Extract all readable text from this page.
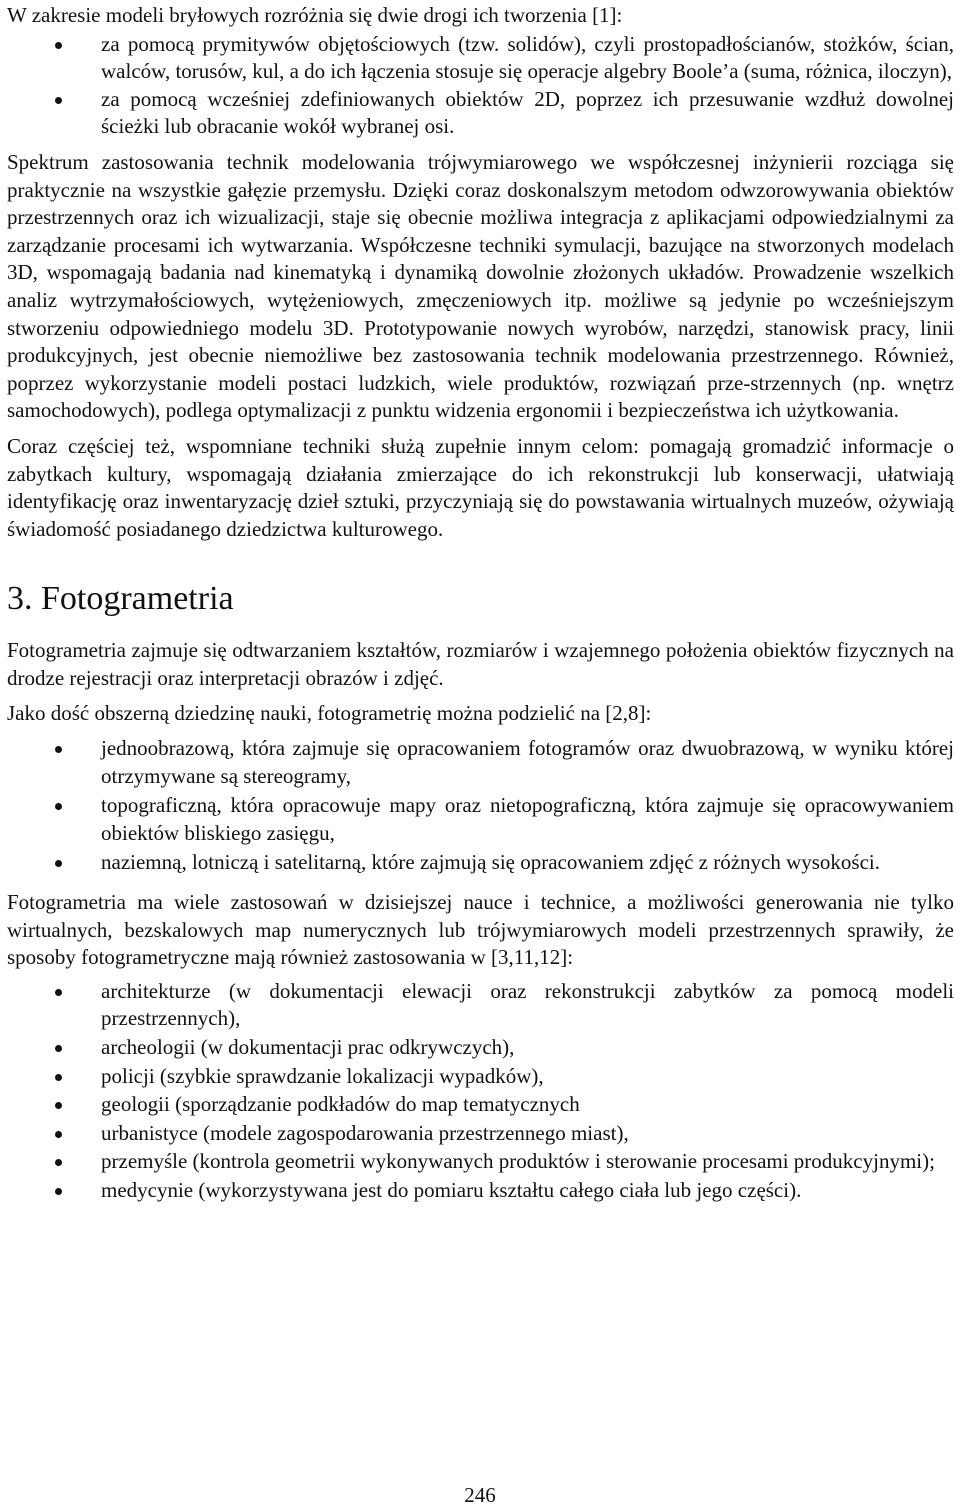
W zakresie modeli bryłowych rozróżnia się dwie drogi ich tworzenia [1]:

za pomocą prymitywów objętościowych (tzw. solidów), czyli prostopadłościanów, stożków, ścian, walców, torusów, kul, a do ich łączenia stosuje się operacje algebry Boole’a (suma, różnica, iloczyn),
za pomocą wcześniej zdefiniowanych obiektów 2D, poprzez ich przesuwanie wzdłuż dowolnej ścieżki lub obracanie wokół wybranej osi.

Spektrum zastosowania technik modelowania trójwymiarowego we współczesnej inżynierii rozciąga się praktycznie na wszystkie gałęzie przemysłu. Dzięki coraz doskonalszym metodom odwzorowywania obiektów przestrzennych oraz ich wizualizacji, staje się obecnie możliwa integracja z aplikacjami odpowiedzialnymi za zarządzanie procesami ich wytwarzania. Współczesne techniki symulacji, bazujące na stworzonych modelach 3D, wspomagają badania nad kinematyką i dynamiką dowolnie złożonych układów. Prowadzenie wszelkich analiz wytrzymałościowych, wytężeniowych, zmęczeniowych itp. możliwe są jedynie po wcześniejszym stworzeniu odpowiedniego modelu 3D. Prototypowanie nowych wyrobów, narzędzi, stanowisk pracy, linii produkcyjnych, jest obecnie niemożliwe bez zastosowania technik modelowania przestrzennego. Również, poprzez wykorzystanie modeli postaci ludzkich, wiele produktów, rozwiązań prze-strzennych (np. wnętrz samochodowych), podlega optymalizacji z punktu widzenia ergonomii i bezpieczeństwa ich użytkowania.

Coraz częściej też, wspomniane techniki służą zupełnie innym celom: pomagają gromadzić informacje o zabytkach kultury, wspomagają działania zmierzające do ich rekonstrukcji lub konserwacji, ułatwiają identyfikację oraz inwentaryzację dzieł sztuki, przyczyniają się do powstawania wirtualnych muzeów, ożywiają świadomość posiadanego dziedzictwa kulturowego.

3. Fotogrametria

Fotogrametria zajmuje się odtwarzaniem kształtów, rozmiarów i wzajemnego położenia obiektów fizycznych na drodze rejestracji oraz interpretacji obrazów i zdjęć.

Jako dość obszerną dziedzinę nauki, fotogrametrię można podzielić na [2,8]:

jednoobrazową, która zajmuje się opracowaniem fotogramów oraz dwuobrazową, w wyniku której otrzymywane są stereogramy,
topograficzną, która opracowuje mapy oraz nietopograficzną, która zajmuje się opracowywaniem obiektów bliskiego zasięgu,
naziemną, lotniczą i satelitarną, które zajmują się opracowaniem zdjęć z różnych wysokości.

Fotogrametria ma wiele zastosowań w dzisiejszej nauce i technice, a możliwości generowania nie tylko wirtualnych, bezskalowych map numerycznych lub trójwymiarowych modeli przestrzennych sprawiły, że sposoby fotogrametryczne mają również zastosowania w [3,11,12]:

architekturze (w dokumentacji elewacji oraz rekonstrukcji zabytków za pomocą modeli przestrzennych),
archeologii (w dokumentacji prac odkrywczych),
policji (szybkie sprawdzanie lokalizacji wypadków),
geologii (sporządzanie podkładów do map tematycznych
urbanistyce (modele zagospodarowania przestrzennego miast),
przemyśle (kontrola geometrii wykonywanych produktów i sterowanie procesami produkcyjnymi);
medycynie (wykorzystywana jest do pomiaru kształtu całego ciała lub jego części).
246
